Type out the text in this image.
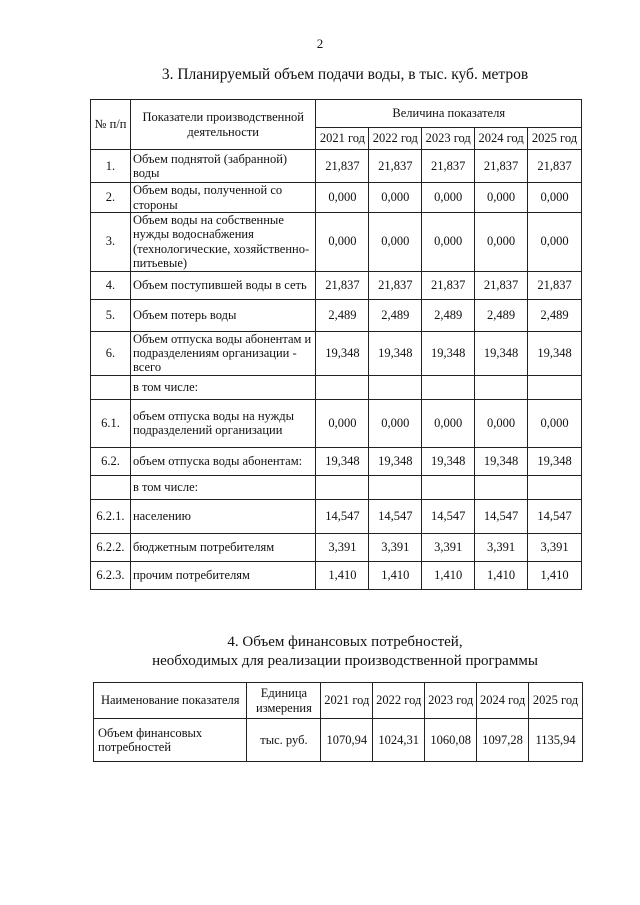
2
3. Планируемый объем подачи воды, в тыс. куб. метров
№ п/п	Показатели производственной деятельности	Величина показателя				
		2021 год	2022 год	2023 год	2024 год	2025 год
1.	Объем поднятой (забранной) воды	21,837	21,837	21,837	21,837	21,837
2.	Объем воды, полученной со стороны	0,000	0,000	0,000	0,000	0,000
3.	Объем воды на собственные нужды водоснабжения (технологические, хозяйственно-питьевые)	0,000	0,000	0,000	0,000	0,000
4.	Объем поступившей воды в сеть	21,837	21,837	21,837	21,837	21,837
5.	Объем потерь воды	2,489	2,489	2,489	2,489	2,489
6.	Объем отпуска воды абонентам и подразделениям организации - всего	19,348	19,348	19,348	19,348	19,348
	в том числе:					
6.1.	объем отпуска воды на нужды подразделений организации	0,000	0,000	0,000	0,000	0,000
6.2.	объем отпуска воды абонентам:	19,348	19,348	19,348	19,348	19,348
	в том числе:					
6.2.1.	населению	14,547	14,547	14,547	14,547	14,547
6.2.2.	бюджетным потребителям	3,391	3,391	3,391	3,391	3,391
6.2.3.	прочим потребителям	1,410	1,410	1,410	1,410	1,410
4. Объем финансовых потребностей,
необходимых для реализации производственной программы
Наименование показателя	Единица измерения	2021 год	2022 год	2023 год	2024 год	2025 год
Объем финансовых потребностей	тыс. руб.	1070,94	1024,31	1060,08	1097,28	1135,94
